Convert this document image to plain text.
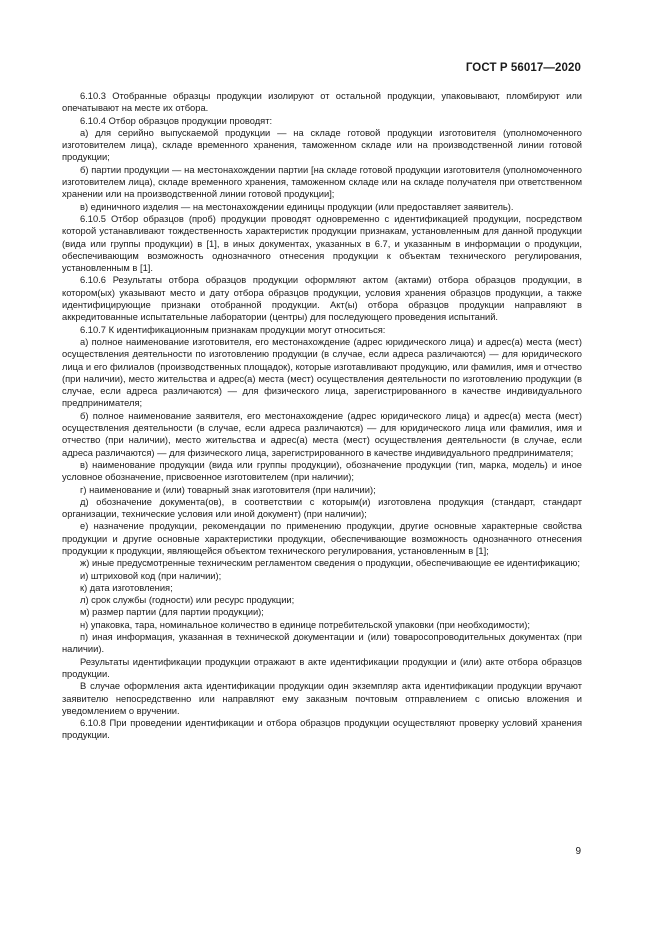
ГОСТ Р 56017—2020

6.10.3 Отобранные образцы продукции изолируют от остальной продукции, упаковывают, пломбируют или опечатывают на месте их отбора.

6.10.4 Отбор образцов продукции проводят:

а) для серийно выпускаемой продукции — на складе готовой продукции изготовителя (уполномоченного изготовителем лица), складе временного хранения, таможенном складе или на производственной линии готовой продукции;

б) партии продукции — на местонахождении партии [на складе готовой продукции изготовителя (уполномоченного изготовителем лица), складе временного хранения, таможенном складе или на складе получателя при ответственном хранении или на производственной линии готовой продукции];

в) единичного изделия — на местонахождении единицы продукции (или предоставляет заявитель).

6.10.5 Отбор образцов (проб) продукции проводят одновременно с идентификацией продукции, посредством которой устанавливают тождественность характеристик продукции признакам, установленным для данной продукции (вида или группы продукции) в [1], в иных документах, указанных в 6.7, и указанным в информации о продукции, обеспечивающим возможность однозначного отнесения продукции к объектам технического регулирования, установленным в [1].

6.10.6 Результаты отбора образцов продукции оформляют актом (актами) отбора образцов продукции, в котором(ых) указывают место и дату отбора образцов продукции, условия хранения образцов продукции, а также идентифицирующие признаки отобранной продукции. Акт(ы) отбора образцов продукции направляют в аккредитованные испытательные лаборатории (центры) для последующего проведения испытаний.

6.10.7 К идентификационным признакам продукции могут относиться:

а) полное наименование изготовителя, его местонахождение (адрес юридического лица) и адрес(а) места (мест) осуществления деятельности по изготовлению продукции (в случае, если адреса различаются) — для юридического лица и его филиалов (производственных площадок), которые изготавливают продукцию, или фамилия, имя и отчество (при наличии), место жительства и адрес(а) места (мест) осуществления деятельности по изготовлению продукции (в случае, если адреса различаются) — для физического лица, зарегистрированного в качестве индивидуального предпринимателя;

б) полное наименование заявителя, его местонахождение (адрес юридического лица) и адрес(а) места (мест) осуществления деятельности (в случае, если адреса различаются) — для юридического лица или фамилия, имя и отчество (при наличии), место жительства и адрес(а) места (мест) осуществления деятельности (в случае, если адреса различаются) — для физического лица, зарегистрированного в качестве индивидуального предпринимателя;

в) наименование продукции (вида или группы продукции), обозначение продукции (тип, марка, модель) и иное условное обозначение, присвоенное изготовителем (при наличии);

г) наименование и (или) товарный знак изготовителя (при наличии);

д) обозначение документа(ов), в соответствии с которым(и) изготовлена продукция (стандарт, стандарт организации, технические условия или иной документ) (при наличии);

е) назначение продукции, рекомендации по применению продукции, другие основные характерные свойства продукции и другие основные характеристики продукции, обеспечивающие возможность однозначного отнесения продукции к продукции, являющейся объектом технического регулирования, установленным в [1];

ж) иные предусмотренные техническим регламентом сведения о продукции, обеспечивающие ее идентификацию;

и) штриховой код (при наличии);

к) дата изготовления;

л) срок службы (годности) или ресурс продукции;

м) размер партии (для партии продукции);

н) упаковка, тара, номинальное количество в единице потребительской упаковки (при необходимости);

п) иная информация, указанная в технической документации и (или) товаросопроводительных документах (при наличии).

Результаты идентификации продукции отражают в акте идентификации продукции и (или) акте отбора образцов продукции.

В случае оформления акта идентификации продукции один экземпляр акта идентификации продукции вручают заявителю непосредственно или направляют ему заказным почтовым отправлением с описью вложения и уведомлением о вручении.

6.10.8 При проведении идентификации и отбора образцов продукции осуществляют проверку условий хранения продукции.

9
